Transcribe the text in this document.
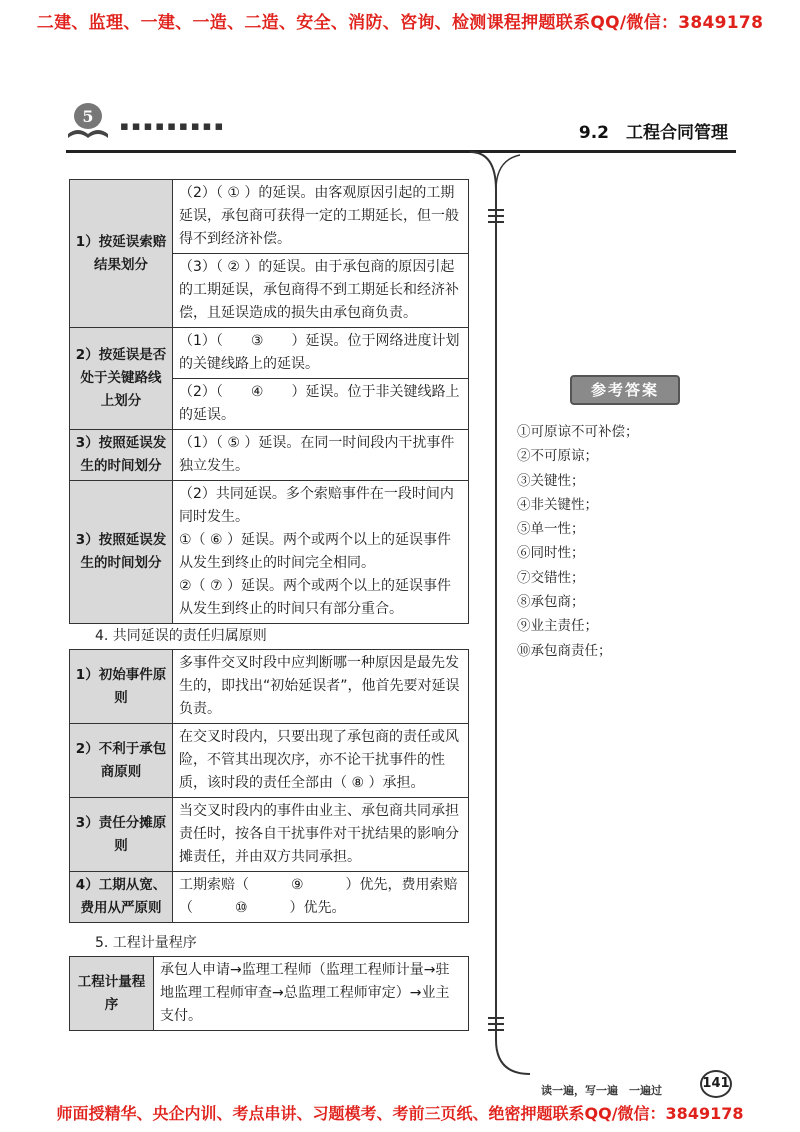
二建、监理、一建、一造、二造、安全、消防、咨询、检测课程押题联系QQ/微信：3849178
5
▪▪▪▪▪▪▪▪▪	9.2　工程合同管理
1）按延误索赔结果划分	（2）（ ① ）的延误。由客观原因引起的工期延误，承包商可获得一定的工期延长，但一般得不到经济补偿。
	（3）（ ② ）的延误。由于承包商的原因引起的工期延误，承包商得不到工期延长和经济补偿，且延误造成的损失由承包商负责。
2）按延误是否处于关键路线上划分	（1）（　　③　　）延误。位于网络进度计划的关键线路上的延误。
	（2）（　　④　　）延误。位于非关键线路上的延误。
3）按照延误发生的时间划分	（1）（ ⑤ ）延误。在同一时间段内干扰事件独立发生。
3）按照延误发生的时间划分	（2）共同延误。多个索赔事件在一段时间内同时发生。

①（ ⑥ ）延误。两个或两个以上的延误事件从发生到终止的时间完全相同。

②（ ⑦ ）延误。两个或两个以上的延误事件从发生到终止的时间只有部分重合。

4. 共同延误的责任归属原则
1）初始事件原则	多事件交叉时段中应判断哪一种原因是最先发生的，即找出“初始延误者”，他首先要对延误负责。
2）不利于承包商原则	在交叉时段内，只要出现了承包商的责任或风险，不管其出现次序，亦不论干扰事件的性质，该时段的责任全部由（ ⑧ ）承担。
3）责任分摊原则	当交叉时段内的事件由业主、承包商共同承担责任时，按各自干扰事件对干扰结果的影响分摊责任，并由双方共同承担。
4）工期从宽、费用从严原则	工期索赔（　　　⑨　　　）优先，费用索赔（　　　⑩　　　）优先。
5. 工程计量程序
工程计量程序	承包人申请→监理工程师（监理工程师计量→驻地监理工程师审查→总监理工程师审定）→业主支付。
参考答案
①可原谅不可补偿；
②不可原谅；
③关键性；
④非关键性；
⑤单一性；
⑥同时性；
⑦交错性；
⑧承包商；
⑨业主责任；
⑩承包商责任；
读一遍，写一遍　一遍过	141
师面授精华、央企内训、考点串讲、习题模考、考前三页纸、绝密押题联系QQ/微信：3849178
